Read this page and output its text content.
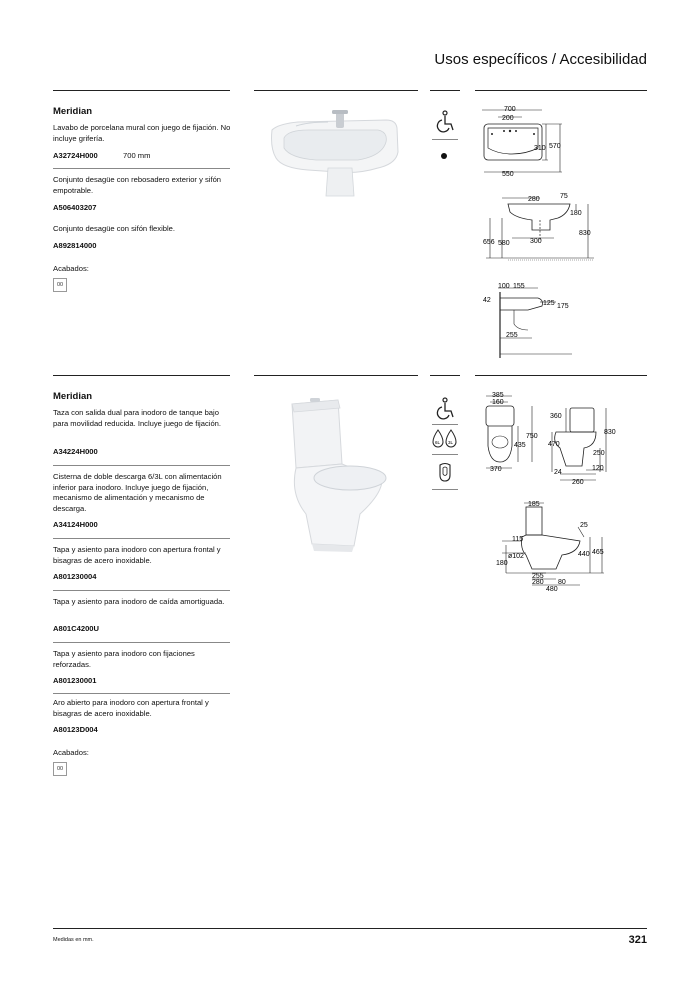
Usos específicos / Accesibilidad
Meridian
Lavabo de porcelana mural con juego de fijación. No incluye grifería.
A32724H000	700 mm
Conjunto desagüe con rebosadero exterior y sifón empotrable.
A506403207
Conjunto desagüe con sifón flexible.
A892814000
Acabados:
00
700
200
310 570
550
280	75
180
830
656 580	300
100 155
42	125 175
255
Meridian
Taza con salida dual para inodoro de tanque bajo para movilidad reducida. Incluye juego de fijación.
A34224H000
Cisterna de doble descarga 6/3L con alimentación inferior para inodoro. Incluye juego de fijación, mecanismo de alimentación y mecanismo de descarga.
A34124H000
Tapa y asiento para inodoro con apertura frontal y bisagras de acero inoxidable.
A801230004
Tapa y asiento para inodoro de caída amortiguada.
A801C4200U
Tapa y asiento para inodoro con fijaciones reforzadas.
A801230001
Aro abierto para inodoro con apertura frontal y bisagras de acero inoxidable.
A80123D004
Acabados:
00
6L 3L
385
160
435
750
370
360
830
470
250
120
24
260
185
25
115
ø102
180
440 465
255
280 80
480
Medidas en mm.	321
